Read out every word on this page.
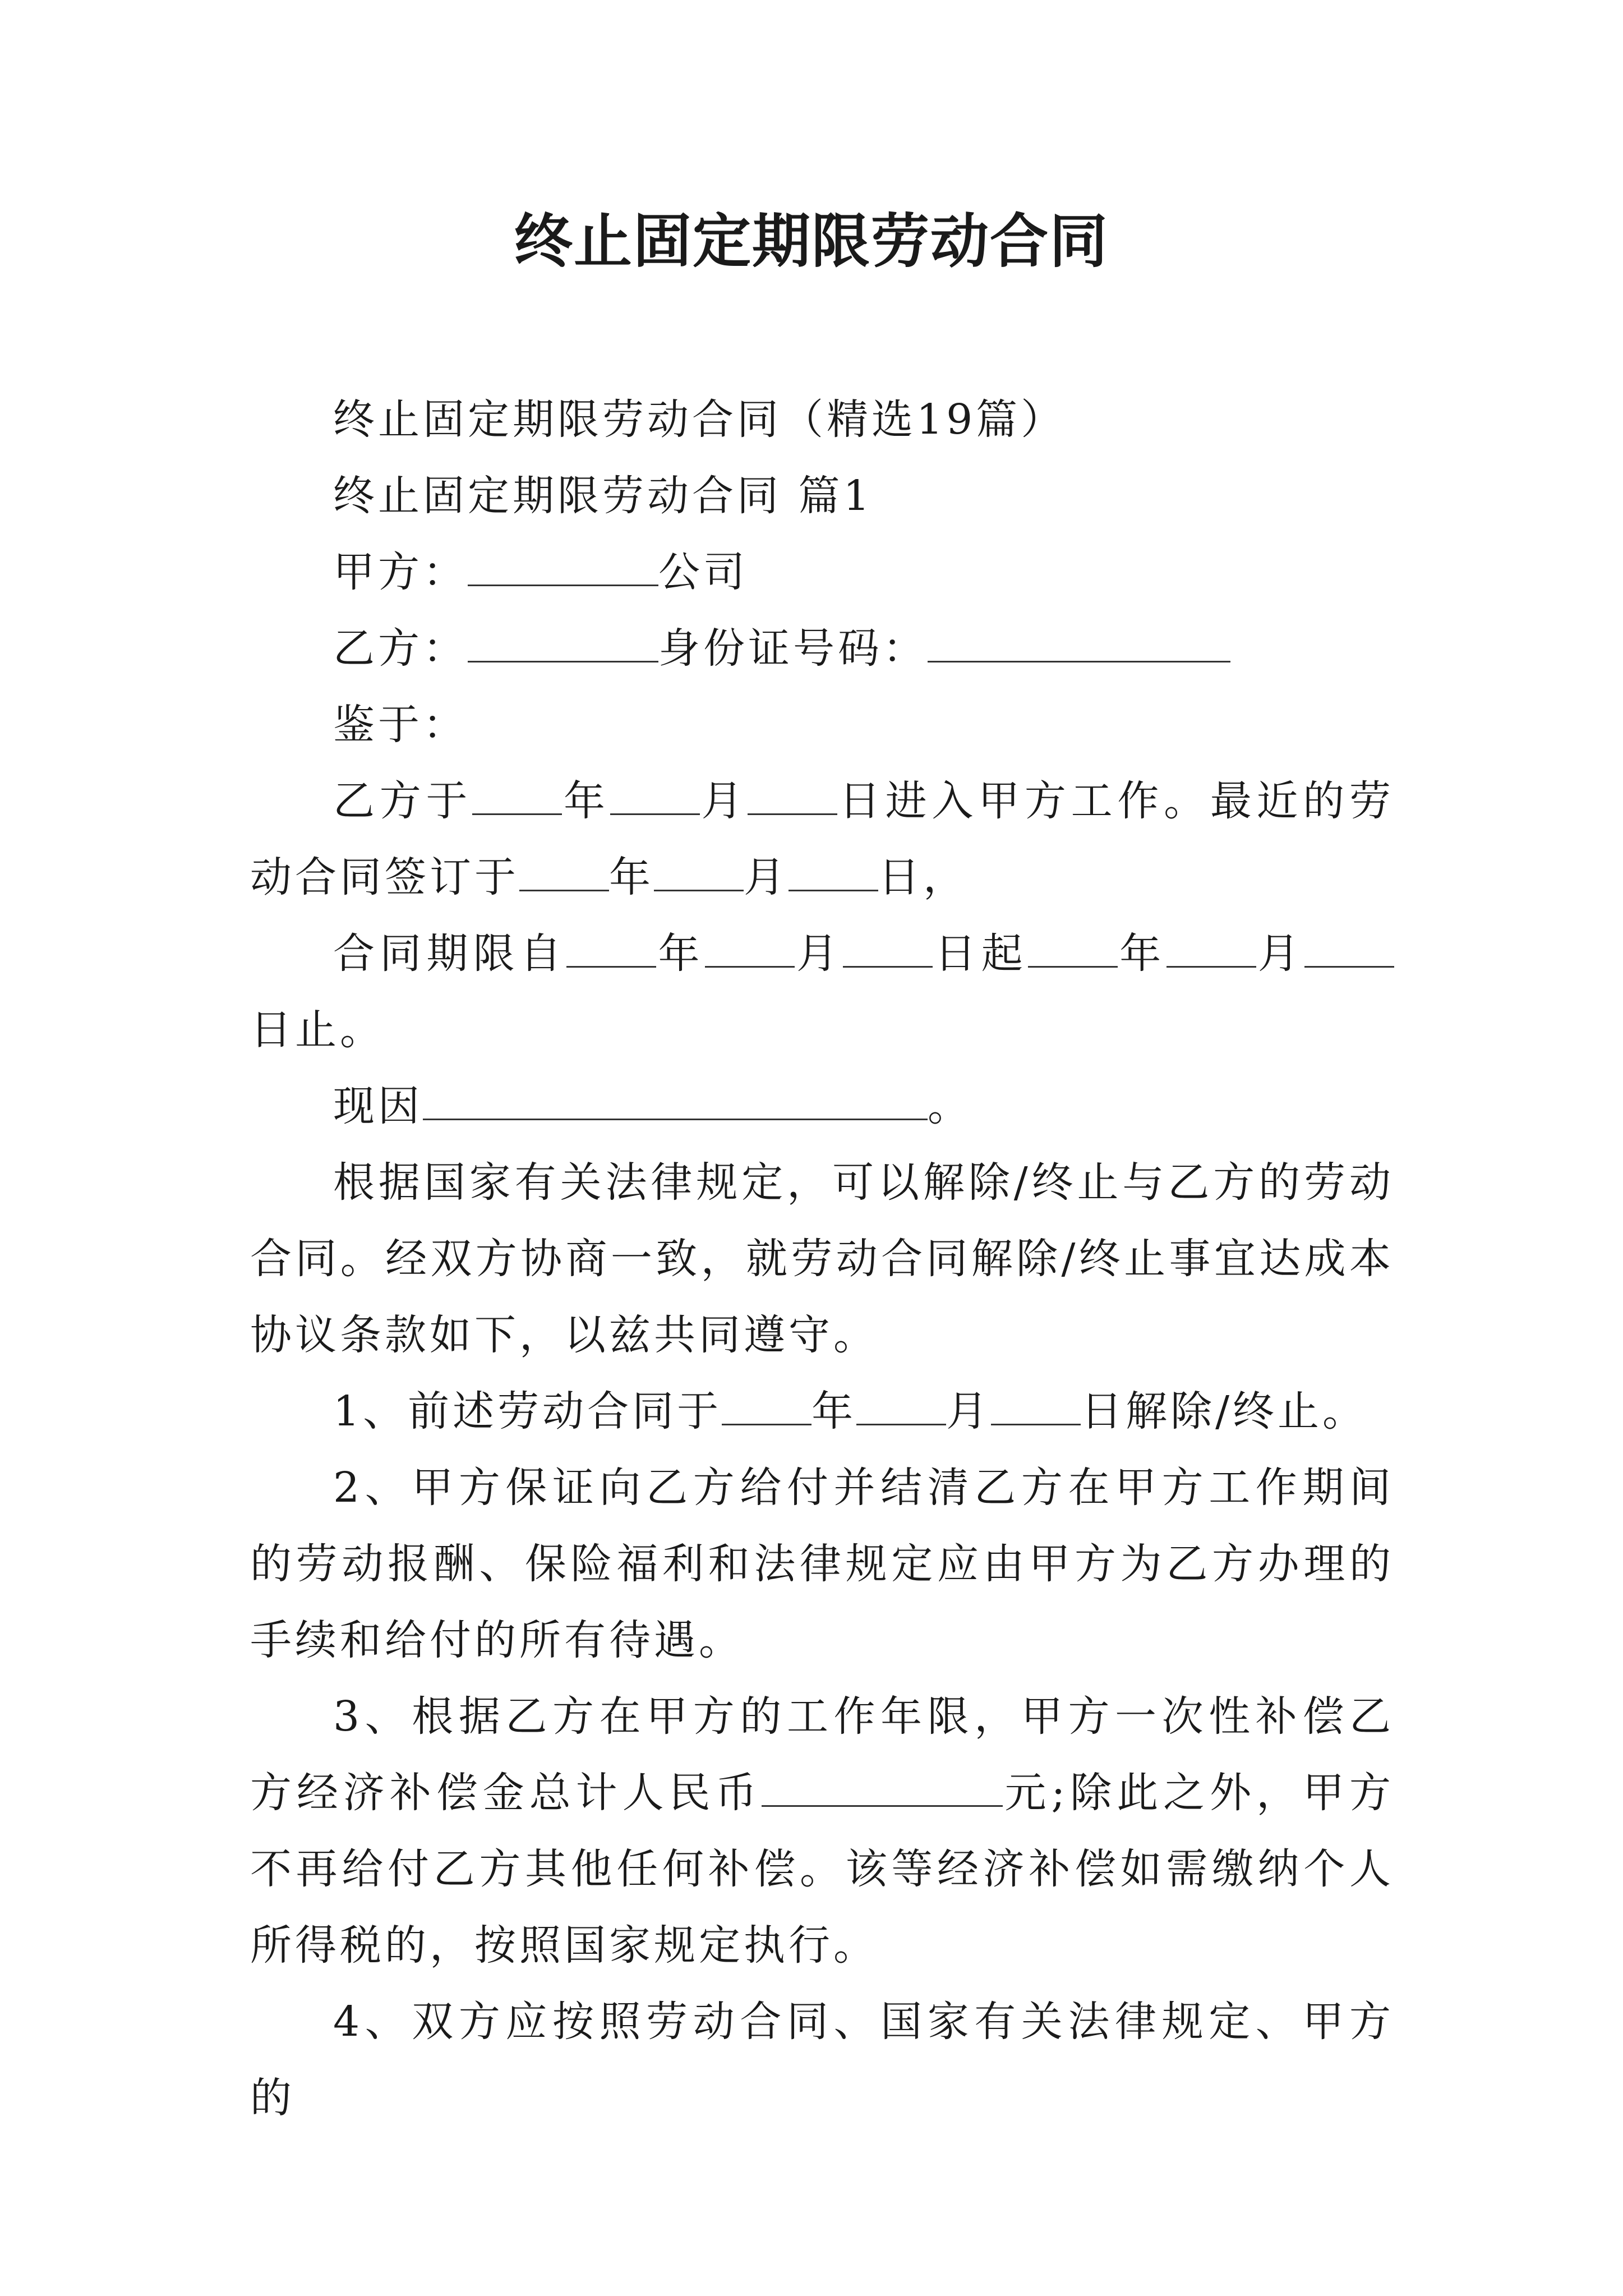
终止固定期限劳动合同

终止固定期限劳动合同（精选19篇）

终止固定期限劳动合同 篇1

甲方：	公司

乙方：	身份证号码：

鉴于：

乙方于 年 月 日进入甲方工作。最近的劳动合同签订于 年 月 日，

合同期限自 年 月 日起 年 月日止。

现因	。

根据国家有关法律规定，可以解除/终止与乙方的劳动合同。经双方协商一致，就劳动合同解除/终止事宜达成本协议条款如下，以兹共同遵守。

1、前述劳动合同于 年 月 日解除/终止。

2、甲方保证向乙方给付并结清乙方在甲方工作期间的劳动报酬、保险福利和法律规定应由甲方为乙方办理的手续和给付的所有待遇。

3、根据乙方在甲方的工作年限，甲方一次性补偿乙方经济补偿金总计人民币	元;除此之外，甲方不再给付乙方其他任何补偿。该等经济补偿如需缴纳个人所得税的，按照国家规定执行。

4、双方应按照劳动合同、国家有关法律规定、甲方的
